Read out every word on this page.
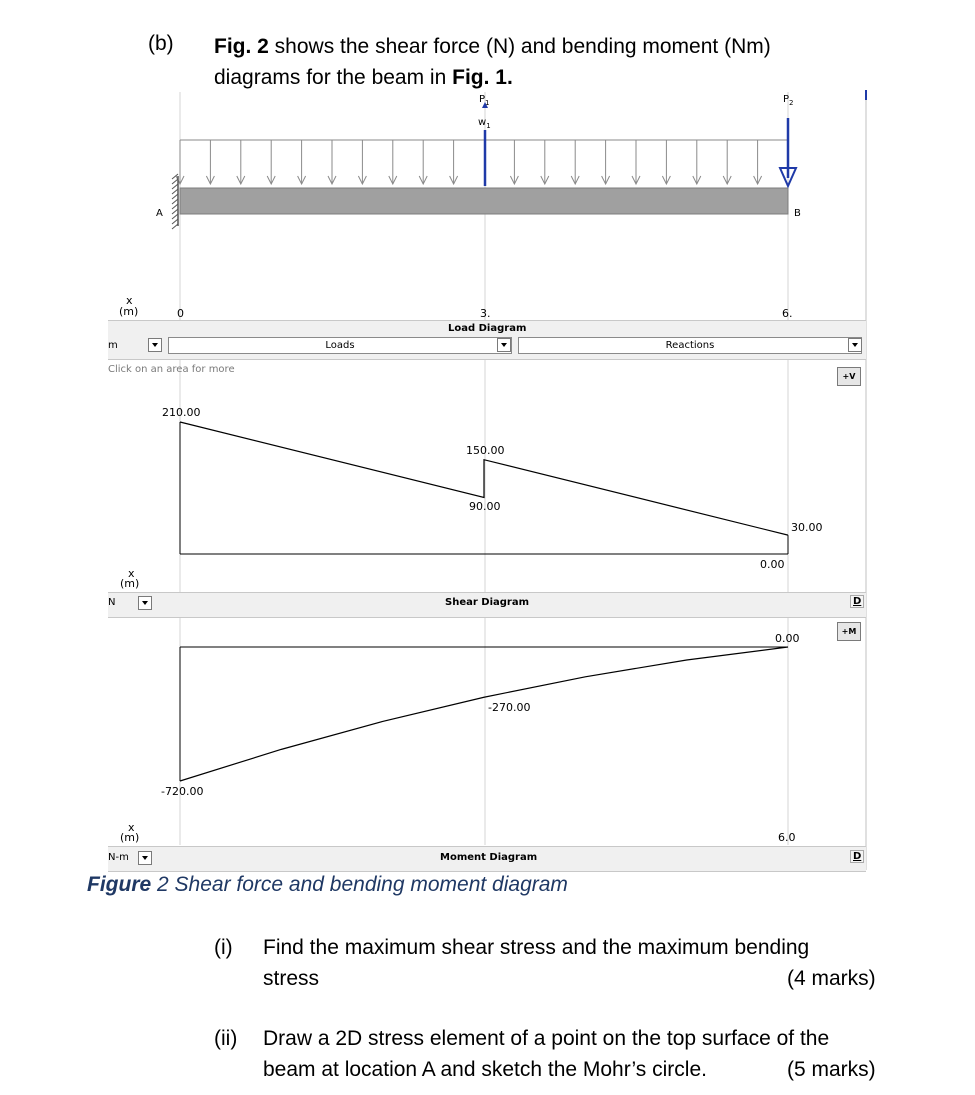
(b) Fig. 2 shows the shear force (N) and bending moment (Nm)
diagrams for the beam in Fig. 1.
$P_1$
$w_1$
$P_2$
A	B
x
(m)	0	3.	6.
Load Diagram
m	Loads	Reactions
Click on an area for more
+V
210.00
150.00
90.00
30.00
0.00
x
(m)
N	Shear Diagram	D
+M
0.00
-270.00
-720.00
6.0
x
(m)
N-m	Moment Diagram	D
Figure 2 Shear force and bending moment diagram
(i) Find the maximum shear stress and the maximum bending
stress	(4 marks)
(ii) Draw a 2D stress element of a point on the top surface of the
beam at location A and sketch the Mohr’s circle.	(5 marks)
